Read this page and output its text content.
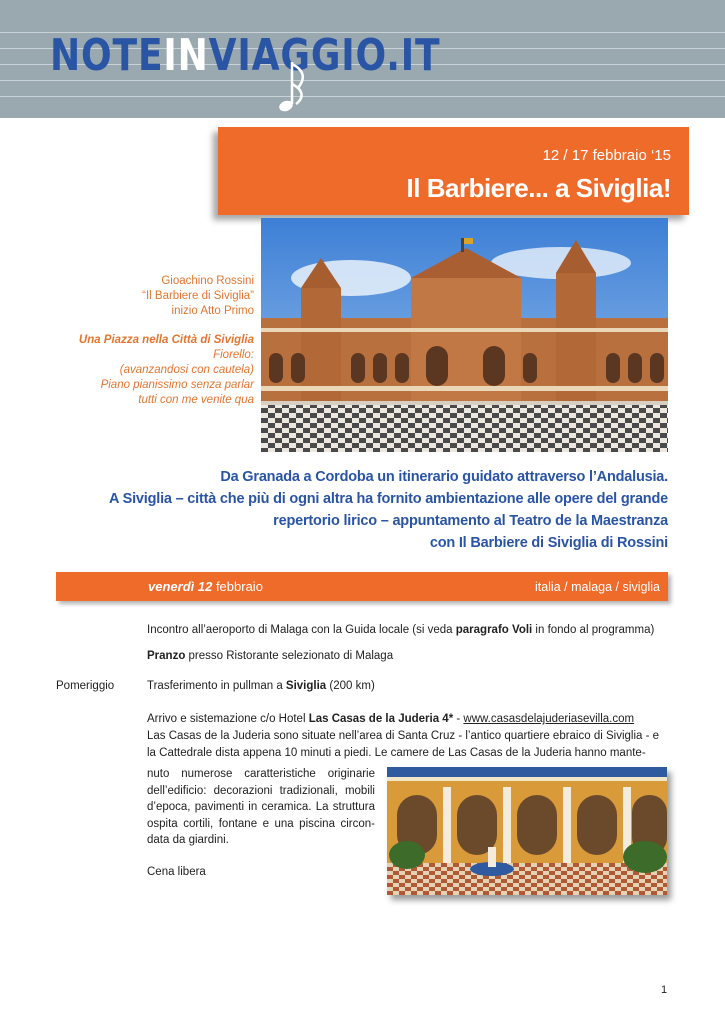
NOTEINVIAGGIO.IT
12 / 17 febbraio ‘15
Il Barbiere... a Siviglia!
Gioachino Rossini
“Il Barbiere di Siviglia”
inizio Atto Primo
Una Piazza nella Città di Siviglia
Fiorello:
(avanzandosi con cautela)
Piano pianissimo senza parlar
tutti con me venite qua
Da Granada a Cordoba un itinerario guidato attraverso l’Andalusia.
A Siviglia – città che più di ogni altra ha fornito ambientazione alle opere del grande
repertorio lirico – appuntamento al Teatro de la Maestranza
con Il Barbiere di Siviglia di Rossini
venerdì 12 febbraio	italia / malaga / siviglia
Incontro all’aeroporto di Malaga con la Guida locale (si veda paragrafo Voli in fondo al programma)
Pranzo presso Ristorante selezionato di Malaga
Pomeriggio	Trasferimento in pullman a Siviglia (200 km)
Arrivo e sistemazione c/o Hotel Las Casas de la Juderia 4* - www.casasdelajuderiasevilla.com
Las Casas de la Juderia sono situate nell’area di Santa Cruz - l’antico quartiere ebraico di Siviglia - e
la Cattedrale dista appena 10 minuti a piedi. Le camere de Las Casas de la Juderia hanno mante-
nuto numerose caratteristiche originarie dell’edificio: decorazioni tradizionali, mobili d’epoca, pavimenti in ceramica. La struttura ospita cortili, fontane e una piscina circon-data da giardini.
Cena libera
1
